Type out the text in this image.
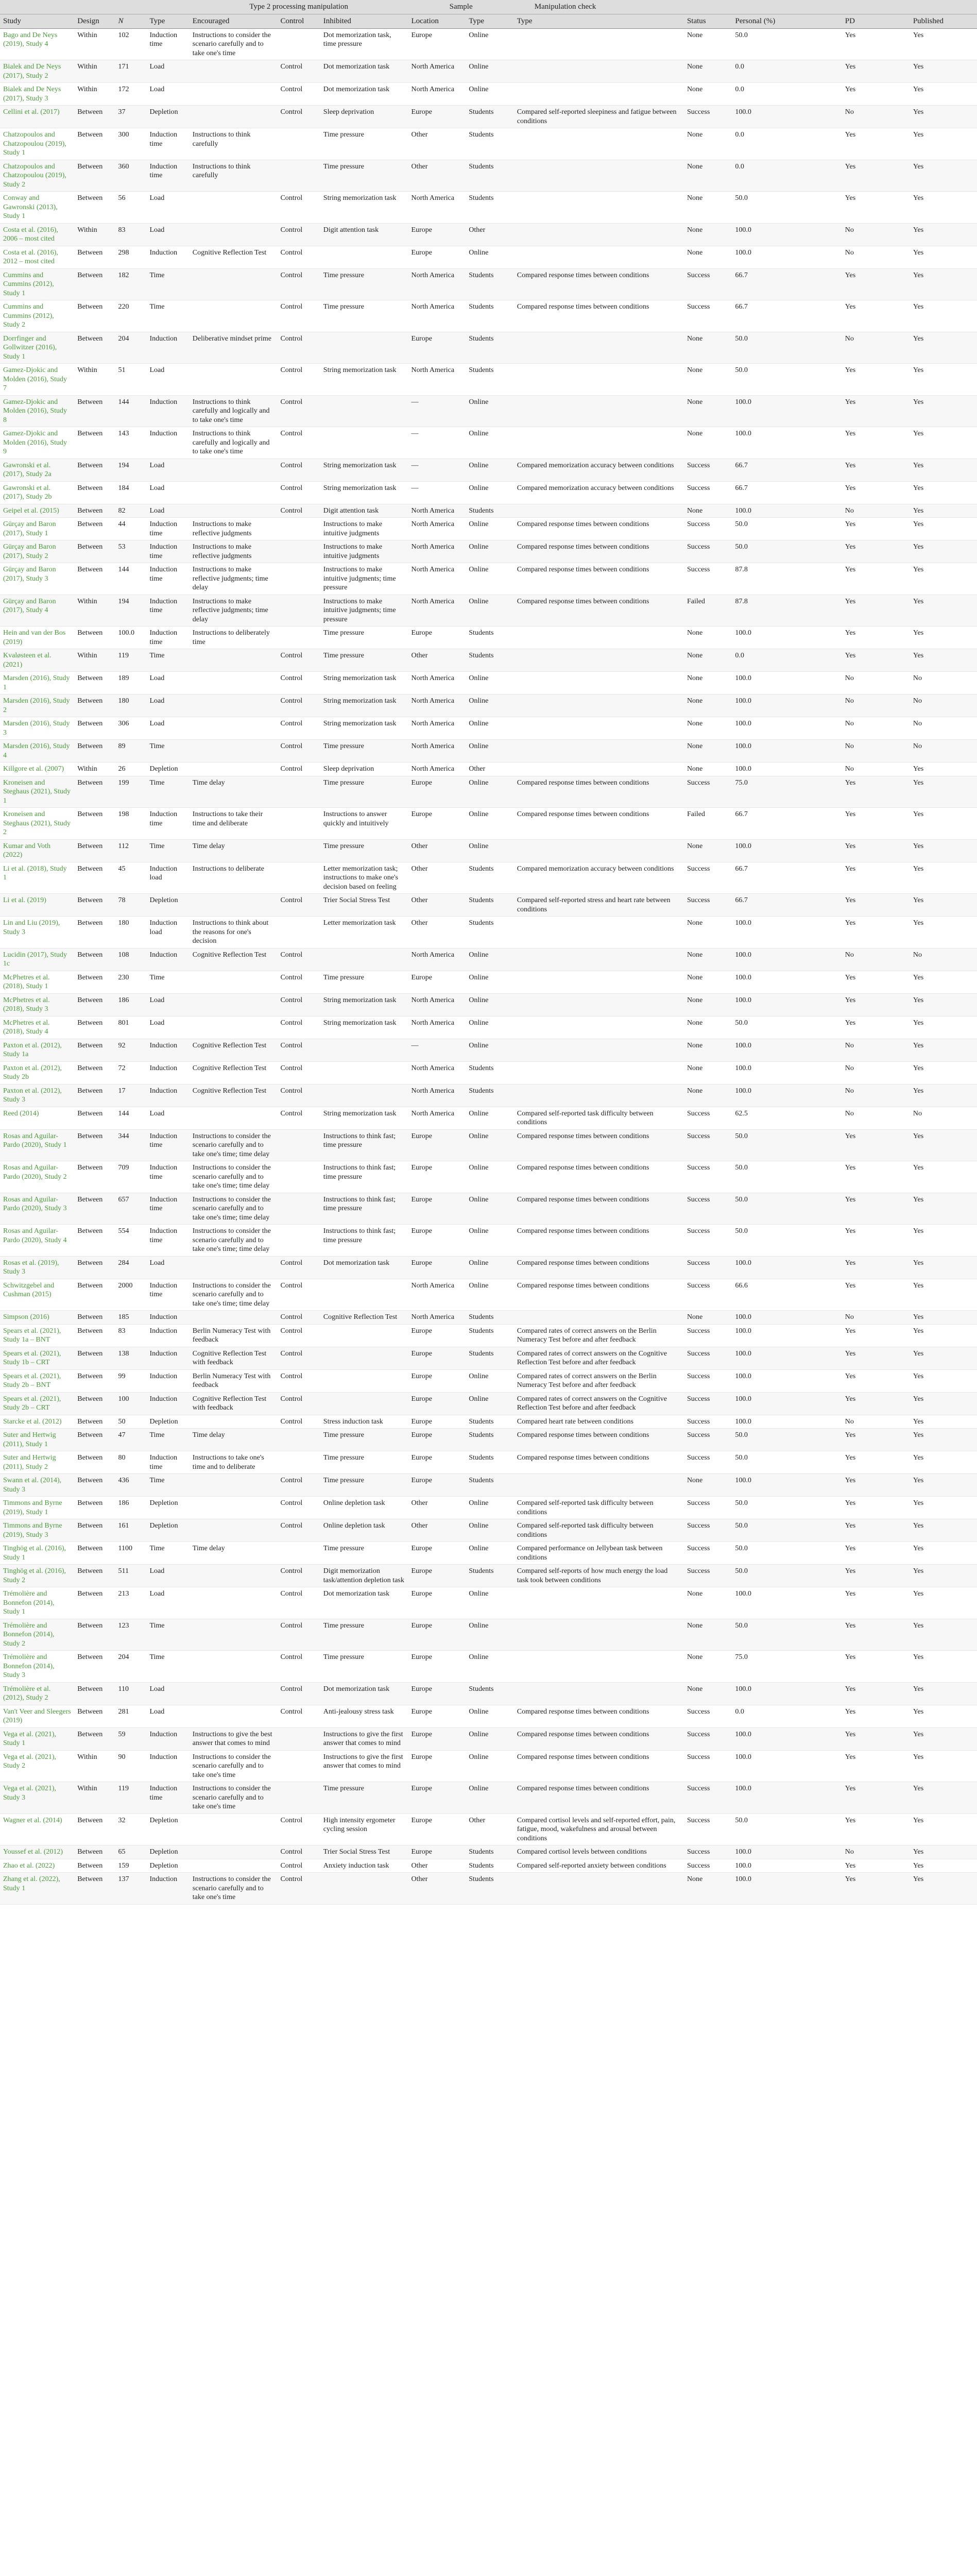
				Type 2 processing manipulation			Sample		Manipulation check				
Study	Design	N	Type	Encouraged	Control	Inhibited	Location	Type	Type	Status	Personal (%)	PD	Published
Bago and De Neys (2019), Study 4	Within	102	Induction time	Instructions to consider the scenario carefully and to take one's time		Dot memorization task, time pressure	Europe	Online		None	50.0	Yes	Yes
Bialek and De Neys (2017), Study 2	Within	171	Load		Control	Dot memorization task	North America	Online		None	0.0	Yes	Yes
Bialek and De Neys (2017), Study 3	Within	172	Load		Control	Dot memorization task	North America	Online		None	0.0	Yes	Yes
Cellini et al. (2017)	Between	37	Depletion		Control	Sleep deprivation	Europe	Students	Compared self-reported sleepiness and fatigue between conditions	Success	100.0	No	Yes
Chatzopoulos and Chatzopoulou (2019), Study 1	Between	300	Induction time	Instructions to think carefully		Time pressure	Other	Students		None	0.0	Yes	Yes
Chatzopoulos and Chatzopoulou (2019), Study 2	Between	360	Induction time	Instructions to think carefully		Time pressure	Other	Students		None	0.0	Yes	Yes
Conway and Gawronski (2013), Study 1	Between	56	Load		Control	String memorization task	North America	Students		None	50.0	Yes	Yes
Costa et al. (2016), 2006 – most cited	Within	83	Load		Control	Digit attention task	Europe	Other		None	100.0	No	Yes
Costa et al. (2016), 2012 – most cited	Between	298	Induction	Cognitive Reflection Test	Control		Europe	Online		None	100.0	No	Yes
Cummins and Cummins (2012), Study 1	Between	182	Time		Control	Time pressure	North America	Students	Compared response times between conditions	Success	66.7	Yes	Yes
Cummins and Cummins (2012), Study 2	Between	220	Time		Control	Time pressure	North America	Students	Compared response times between conditions	Success	66.7	Yes	Yes
Dorrfinger and Gollwitzer (2016), Study 1	Between	204	Induction	Deliberative mindset prime	Control		Europe	Students		None	50.0	No	Yes
Gamez-Djokic and Molden (2016), Study 7	Within	51	Load		Control	String memorization task	North America	Students		None	50.0	Yes	Yes
Gamez-Djokic and Molden (2016), Study 8	Between	144	Induction	Instructions to think carefully and logically and to take one's time	Control		—	Online		None	100.0	Yes	Yes
Gamez-Djokic and Molden (2016), Study 9	Between	143	Induction	Instructions to think carefully and logically and to take one's time	Control		—	Online		None	100.0	Yes	Yes
Gawronski et al. (2017), Study 2a	Between	194	Load		Control	String memorization task	—	Online	Compared memorization accuracy between conditions	Success	66.7	Yes	Yes
Gawronski et al. (2017), Study 2b	Between	184	Load		Control	String memorization task	—	Online	Compared memorization accuracy between conditions	Success	66.7	Yes	Yes
Geipel et al. (2015)	Between	82	Load		Control	Digit attention task	North America	Students		None	100.0	No	Yes
Gürçay and Baron (2017), Study 1	Between	44	Induction time	Instructions to make reflective judgments		Instructions to make intuitive judgments	North America	Online	Compared response times between conditions	Success	50.0	Yes	Yes
Gürçay and Baron (2017), Study 2	Between	53	Induction time	Instructions to make reflective judgments		Instructions to make intuitive judgments	North America	Online	Compared response times between conditions	Success	50.0	Yes	Yes
Gürçay and Baron (2017), Study 3	Between	144	Induction time	Instructions to make reflective judgments; time delay		Instructions to make intuitive judgments; time pressure	North America	Online	Compared response times between conditions	Success	87.8	Yes	Yes
Gürçay and Baron (2017), Study 4	Within	194	Induction time	Instructions to make reflective judgments; time delay		Instructions to make intuitive judgments; time pressure	North America	Online	Compared response times between conditions	Failed	87.8	Yes	Yes
Hein and van der Bos (2019)	Between	100.0	Induction time	Instructions to deliberately time		Time pressure	Europe	Students		None	100.0	Yes	Yes
Kvaløsteen et al. (2021)	Within	119	Time		Control	Time pressure	Other	Students		None	0.0	Yes	Yes
Marsden (2016), Study 1	Between	189	Load		Control	String memorization task	North America	Online		None	100.0	No	No
Marsden (2016), Study 2	Between	180	Load		Control	String memorization task	North America	Online		None	100.0	No	No
Marsden (2016), Study 3	Between	306	Load		Control	String memorization task	North America	Online		None	100.0	No	No
Marsden (2016), Study 4	Between	89	Time		Control	Time pressure	North America	Online		None	100.0	No	No
Killgore et al. (2007)	Within	26	Depletion		Control	Sleep deprivation	North America	Other		None	100.0	No	Yes
Kroneisen and Steghaus (2021), Study 1	Between	199	Time	Time delay		Time pressure	Europe	Online	Compared response times between conditions	Success	75.0	Yes	Yes
Kroneisen and Steghaus (2021), Study 2	Between	198	Induction time	Instructions to take their time and deliberate		Instructions to answer quickly and intuitively	Europe	Online	Compared response times between conditions	Failed	66.7	Yes	Yes
Kumar and Voth (2022)	Between	112	Time	Time delay		Time pressure	Other	Online		None	100.0	Yes	Yes
Li et al. (2018), Study 1	Between	45	Induction load	Instructions to deliberate		Letter memorization task; instructions to make one's decision based on feeling	Other	Students	Compared memorization accuracy between conditions	Success	66.7	Yes	Yes
Li et al. (2019)	Between	78	Depletion		Control	Trier Social Stress Test	Other	Students	Compared self-reported stress and heart rate between conditions	Success	66.7	Yes	Yes
Lin and Liu (2019), Study 3	Between	180	Induction load	Instructions to think about the reasons for one's decision		Letter memorization task	Other	Students		None	100.0	Yes	Yes
Lucidin (2017), Study 1c	Between	108	Induction	Cognitive Reflection Test	Control		North America	Online		None	100.0	No	No
McPhetres et al. (2018), Study 1	Between	230	Time		Control	Time pressure	Europe	Online		None	100.0	Yes	Yes
McPhetres et al. (2018), Study 3	Between	186	Load		Control	String memorization task	North America	Online		None	100.0	Yes	Yes
McPhetres et al. (2018), Study 4	Between	801	Load		Control	String memorization task	North America	Online		None	50.0	Yes	Yes
Paxton et al. (2012), Study 1a	Between	92	Induction	Cognitive Reflection Test	Control		—	Online		None	100.0	No	Yes
Paxton et al. (2012), Study 2b	Between	72	Induction	Cognitive Reflection Test	Control		North America	Students		None	100.0	No	Yes
Paxton et al. (2012), Study 3	Between	17	Induction	Cognitive Reflection Test	Control		North America	Students		None	100.0	No	Yes
Reed (2014)	Between	144	Load		Control	String memorization task	North America	Online	Compared self-reported task difficulty between conditions	Success	62.5	No	No
Rosas and Aguilar-Pardo (2020), Study 1	Between	344	Induction time	Instructions to consider the scenario carefully and to take one's time; time delay		Instructions to think fast; time pressure	Europe	Online	Compared response times between conditions	Success	50.0	Yes	Yes
Rosas and Aguilar-Pardo (2020), Study 2	Between	709	Induction time	Instructions to consider the scenario carefully and to take one's time; time delay		Instructions to think fast; time pressure	Europe	Online	Compared response times between conditions	Success	50.0	Yes	Yes
Rosas and Aguilar-Pardo (2020), Study 3	Between	657	Induction time	Instructions to consider the scenario carefully and to take one's time; time delay		Instructions to think fast; time pressure	Europe	Online	Compared response times between conditions	Success	50.0	Yes	Yes
Rosas and Aguilar-Pardo (2020), Study 4	Between	554	Induction time	Instructions to consider the scenario carefully and to take one's time; time delay		Instructions to think fast; time pressure	Europe	Online	Compared response times between conditions	Success	50.0	Yes	Yes
Rosas et al. (2019), Study 3	Between	284	Load		Control	Dot memorization task	Europe	Online	Compared response times between conditions	Success	100.0	Yes	Yes
Schwitzgebel and Cushman (2015)	Between	2000	Induction time	Instructions to consider the scenario carefully and to take one's time; time delay	Control		North America	Online	Compared response times between conditions	Success	66.6	Yes	Yes
Simpson (2016)	Between	185	Induction		Control	Cognitive Reflection Test	North America	Students		None	100.0	No	Yes
Spears et al. (2021), Study 1a – BNT	Between	83	Induction	Berlin Numeracy Test with feedback	Control		Europe	Students	Compared rates of correct answers on the Berlin Numeracy Test before and after feedback	Success	100.0	Yes	Yes
Spears et al. (2021), Study 1b – CRT	Between	138	Induction	Cognitive Reflection Test with feedback	Control		Europe	Students	Compared rates of correct answers on the Cognitive Reflection Test before and after feedback	Success	100.0	Yes	Yes
Spears et al. (2021), Study 2b – BNT	Between	99	Induction	Berlin Numeracy Test with feedback	Control		Europe	Online	Compared rates of correct answers on the Berlin Numeracy Test before and after feedback	Success	100.0	Yes	Yes
Spears et al. (2021), Study 2b – CRT	Between	100	Induction	Cognitive Reflection Test with feedback	Control		Europe	Online	Compared rates of correct answers on the Cognitive Reflection Test before and after feedback	Success	100.0	Yes	Yes
Starcke et al. (2012)	Between	50	Depletion		Control	Stress induction task	Europe	Students	Compared heart rate between conditions	Success	100.0	No	Yes
Suter and Hertwig (2011), Study 1	Between	47	Time	Time delay		Time pressure	Europe	Students	Compared response times between conditions	Success	50.0	Yes	Yes
Suter and Hertwig (2011), Study 2	Between	80	Induction time	Instructions to take one's time and to deliberate		Time pressure	Europe	Students	Compared response times between conditions	Success	50.0	Yes	Yes
Swann et al. (2014), Study 3	Between	436	Time		Control	Time pressure	Europe	Students		None	100.0	Yes	Yes
Timmons and Byrne (2019), Study 1	Between	186	Depletion		Control	Online depletion task	Other	Online	Compared self-reported task difficulty between conditions	Success	50.0	Yes	Yes
Timmons and Byrne (2019), Study 3	Between	161	Depletion		Control	Online depletion task	Other	Online	Compared self-reported task difficulty between conditions	Success	50.0	Yes	Yes
Tinghög et al. (2016), Study 1	Between	1100	Time	Time delay		Time pressure	Europe	Online	Compared performance on Jellybean task between conditions	Success	50.0	Yes	Yes
Tinghög et al. (2016), Study 2	Between	511	Load		Control	Digit memorization task/attention depletion task	Europe	Students	Compared self-reports of how much energy the load task took between conditions	Success	50.0	Yes	Yes
Trémolière and Bonnefon (2014), Study 1	Between	213	Load		Control	Dot memorization task	Europe	Online		None	100.0	Yes	Yes
Trémolière and Bonnefon (2014), Study 2	Between	123	Time		Control	Time pressure	Europe	Online		None	50.0	Yes	Yes
Trémolière and Bonnefon (2014), Study 3	Between	204	Time		Control	Time pressure	Europe	Online		None	75.0	Yes	Yes
Trémolière et al. (2012), Study 2	Between	110	Load		Control	Dot memorization task	Europe	Students		None	100.0	Yes	Yes
Van't Veer and Sleegers (2019)	Between	281	Load		Control	Anti-jealousy stress task	Europe	Online	Compared response times between conditions	Success	0.0	Yes	Yes
Vega et al. (2021), Study 1	Between	59	Induction	Instructions to give the best answer that comes to mind		Instructions to give the first answer that comes to mind	Europe	Online	Compared response times between conditions	Success	100.0	Yes	Yes
Vega et al. (2021), Study 2	Within	90	Induction	Instructions to consider the scenario carefully and to take one's time		Instructions to give the first answer that comes to mind	Europe	Online	Compared response times between conditions	Success	100.0	Yes	Yes
Vega et al. (2021), Study 3	Within	119	Induction time	Instructions to consider the scenario carefully and to take one's time		Time pressure	Europe	Online	Compared response times between conditions	Success	100.0	Yes	Yes
Wagner et al. (2014)	Between	32	Depletion		Control	High intensity ergometer cycling session	Europe	Other	Compared cortisol levels and self-reported effort, pain, fatigue, mood, wakefulness and arousal between conditions	Success	50.0	Yes	Yes
Youssef et al. (2012)	Between	65	Depletion		Control	Trier Social Stress Test	Europe	Students	Compared cortisol levels between conditions	Success	100.0	No	Yes
Zhao et al. (2022)	Between	159	Depletion		Control	Anxiety induction task	Other	Students	Compared self-reported anxiety between conditions	Success	100.0	Yes	Yes
Zhang et al. (2022), Study 1	Between	137	Induction	Instructions to consider the scenario carefully and to take one's time	Control		Other	Students		None	100.0	Yes	Yes
